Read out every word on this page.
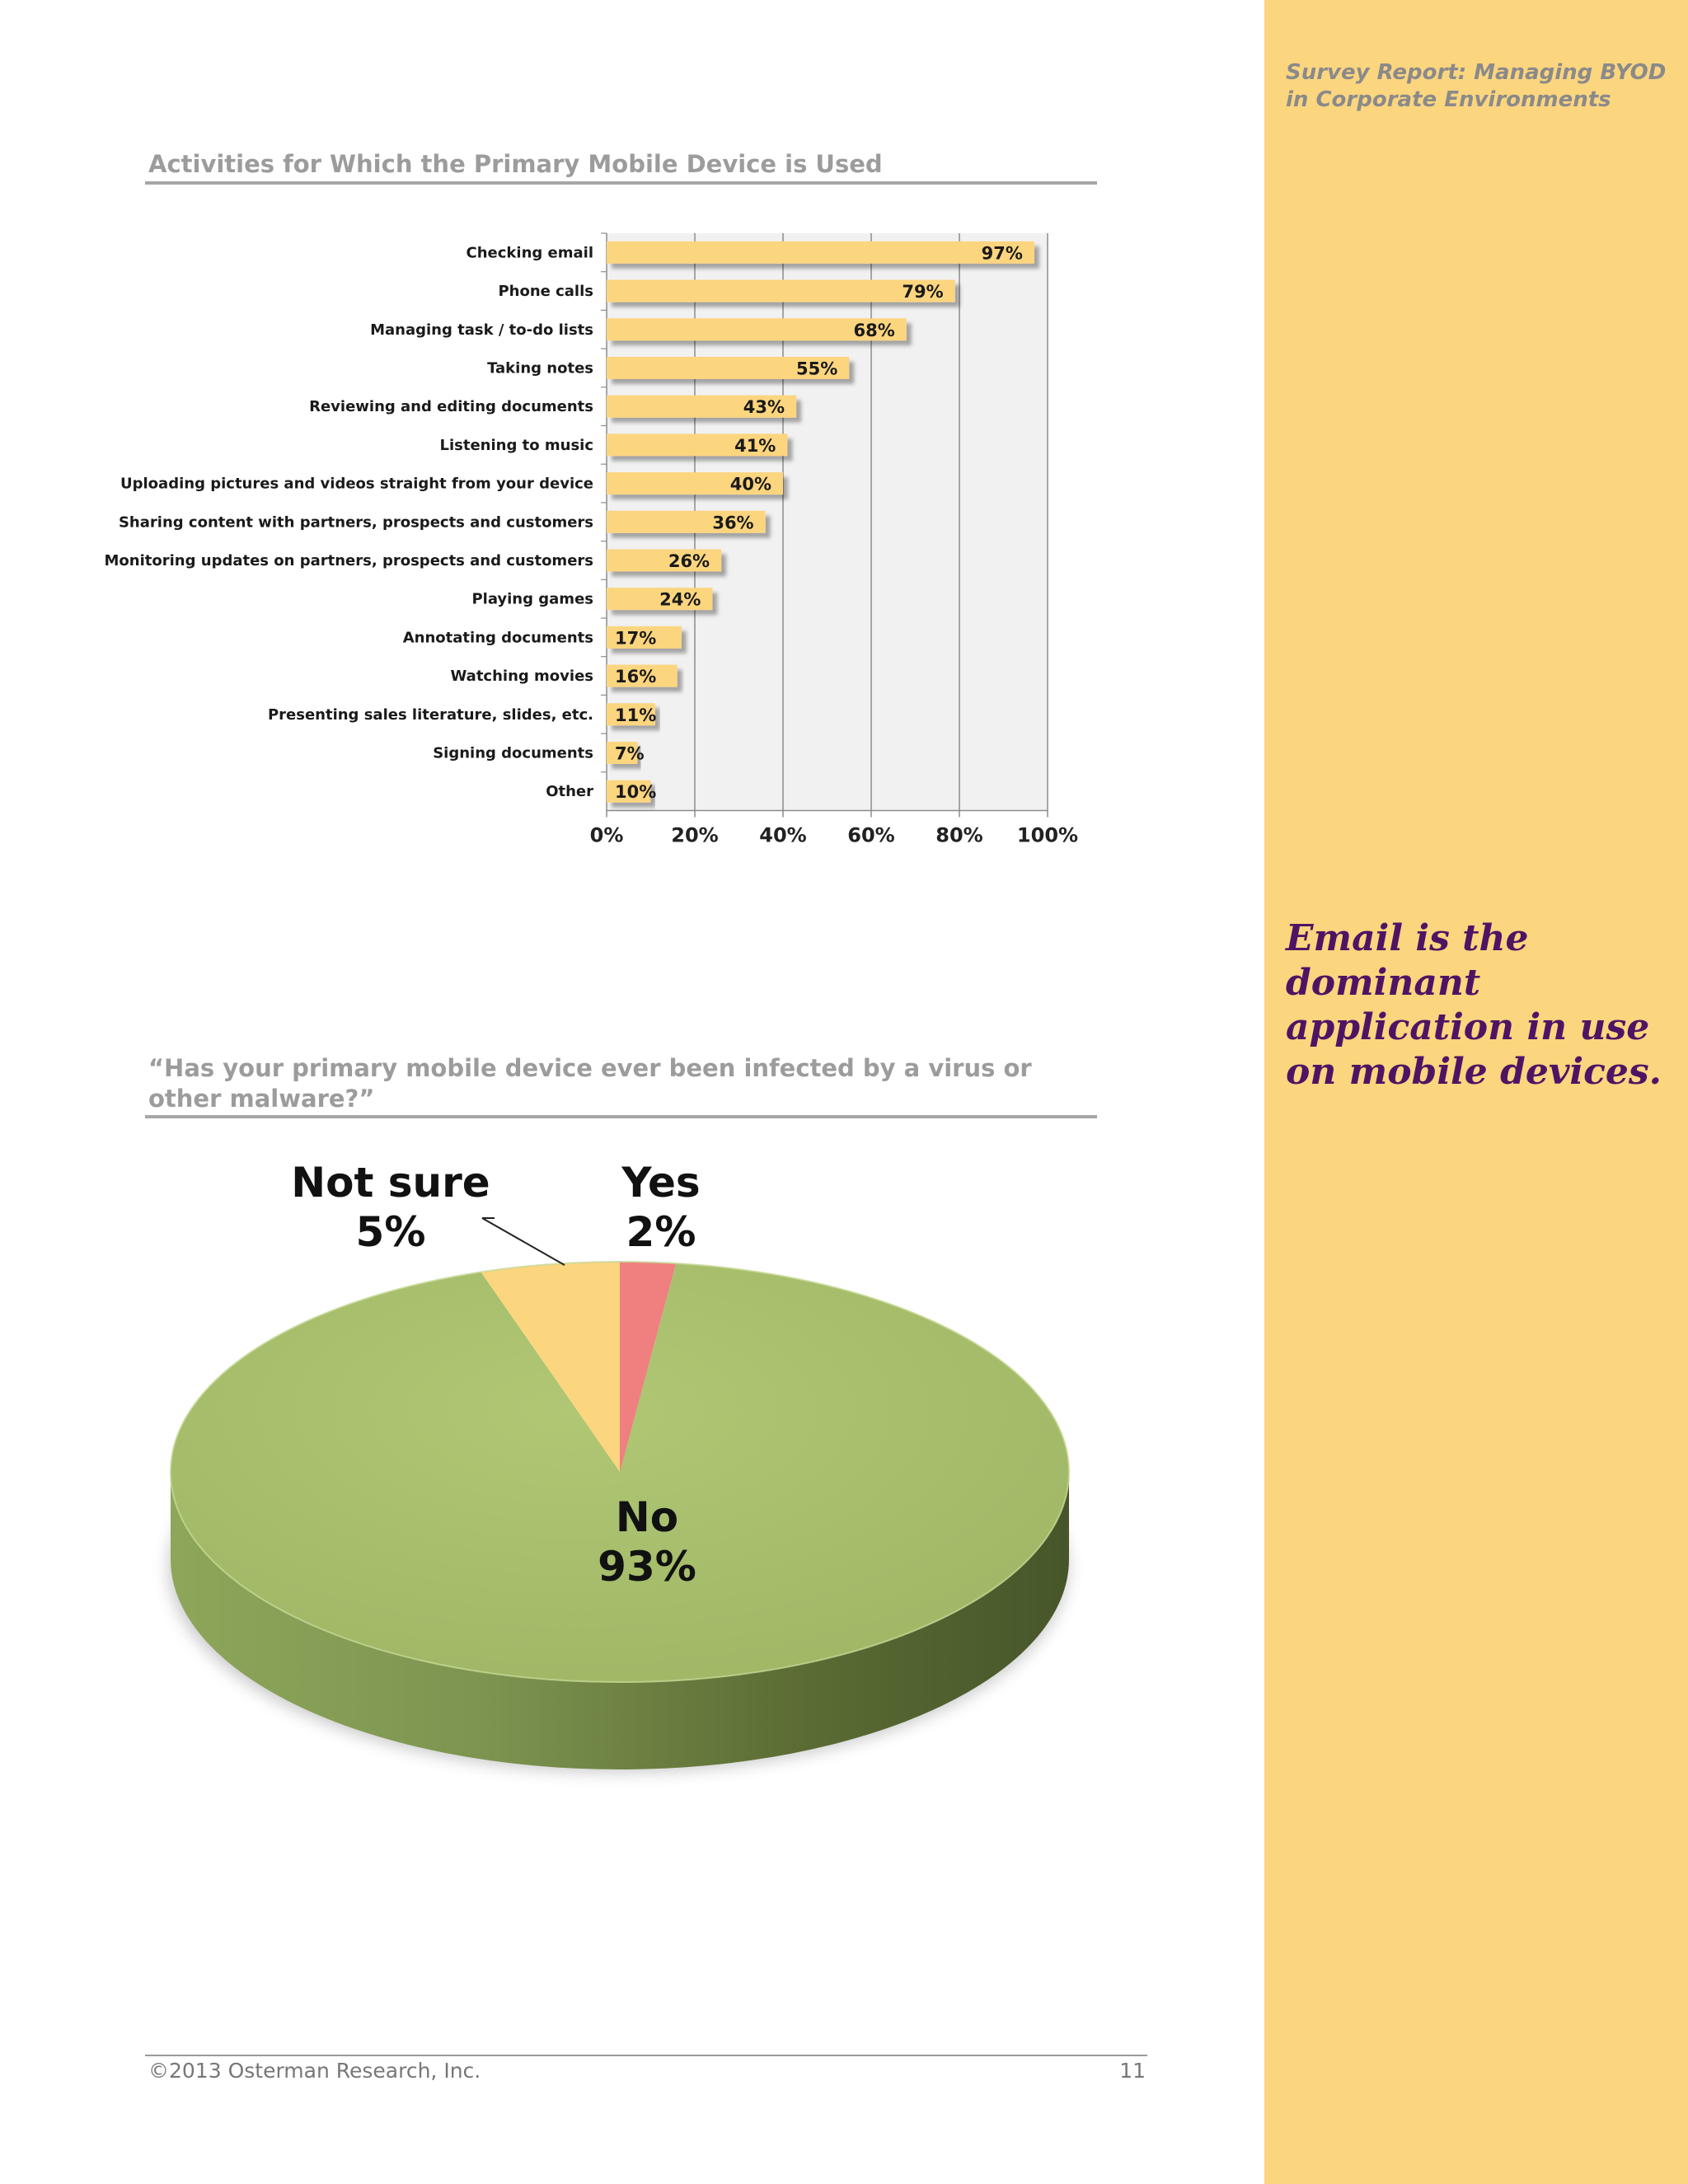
Survey Report: Managing BYOD in Corporate Environments
Email is the dominant application in use on mobile devices.
Activities for Which the Primary Mobile Device is Used
0% 20% 40% 60% 80% 100%
97%
Checking email
79%
Phone calls
68%
Managing task / to-do lists
55%
Taking notes
43%
Reviewing and editing documents
41%
Listening to music
40%
Uploading pictures and videos straight from your device
36%
Sharing content with partners, prospects and customers
26%
Monitoring updates on partners, prospects and customers
24%
Playing games
17%
Annotating documents
16%
Watching movies
11%
Presenting sales literature, slides, etc.
7%
Signing documents
10%
Other
“Has your primary mobile device ever been infected by a virus or other malware?”
Yes
2%
No
93%
Not sure
5%
©2013 Osterman Research, Inc.	11
